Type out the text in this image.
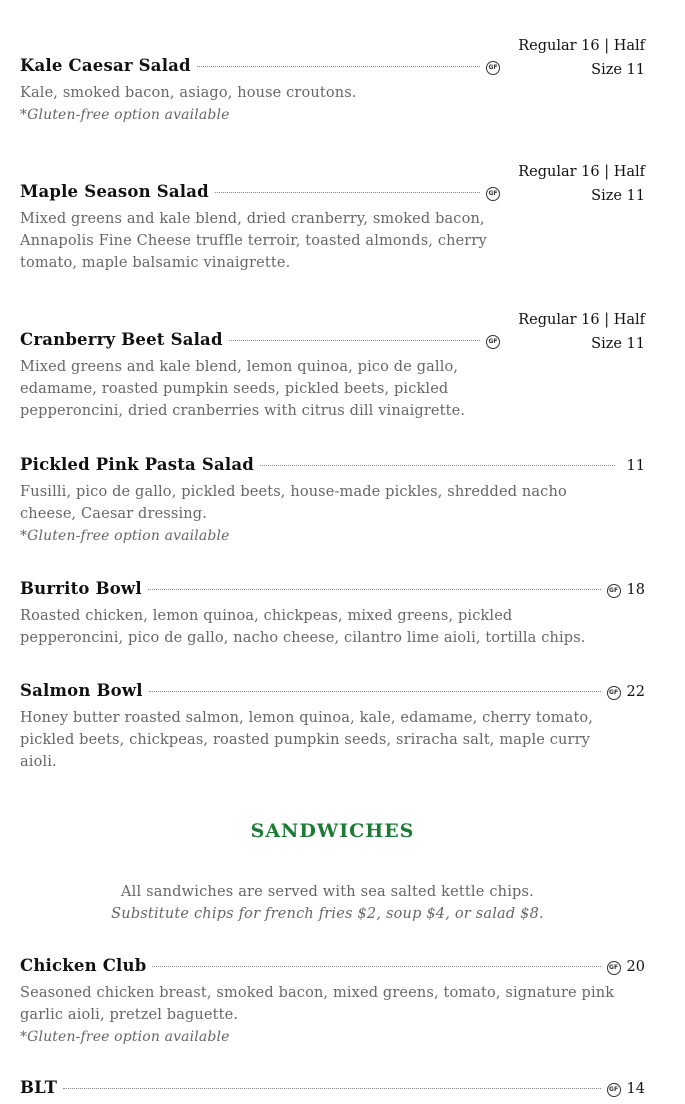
Regular 16 | Half
Size 11
Kale Caesar Salad	GF
Kale, smoked bacon, asiago, house croutons.
*Gluten-free option available
Regular 16 | Half
Size 11
Maple Season Salad	GF
Mixed greens and kale blend, dried cranberry, smoked bacon, Annapolis Fine Cheese truffle terroir, toasted almonds, cherry tomato, maple balsamic vinaigrette.
Regular 16 | Half
Size 11
Cranberry Beet Salad	GF
Mixed greens and kale blend, lemon quinoa, pico de gallo, edamame, roasted pumpkin seeds, pickled beets, pickled pepperoncini, dried cranberries with citrus dill vinaigrette.
Pickled Pink Pasta Salad	11
Fusilli, pico de gallo, pickled beets, house-made pickles, shredded nacho cheese, Caesar dressing.
*Gluten-free option available
Burrito Bowl	GF 18
Roasted chicken, lemon quinoa, chickpeas, mixed greens, pickled pepperoncini, pico de gallo, nacho cheese, cilantro lime aioli, tortilla chips.
Salmon Bowl	GF 22
Honey butter roasted salmon, lemon quinoa, kale, edamame, cherry tomato, pickled beets, chickpeas, roasted pumpkin seeds, sriracha salt, maple curry aioli.
SANDWICHES
All sandwiches are served with sea salted kettle chips.
Substitute chips for french fries $2, soup $4, or salad $8.
Chicken Club	GF 20
Seasoned chicken breast, smoked bacon, mixed greens, tomato, signature pink garlic aioli, pretzel baguette.
*Gluten-free option available
BLT	GF 14
